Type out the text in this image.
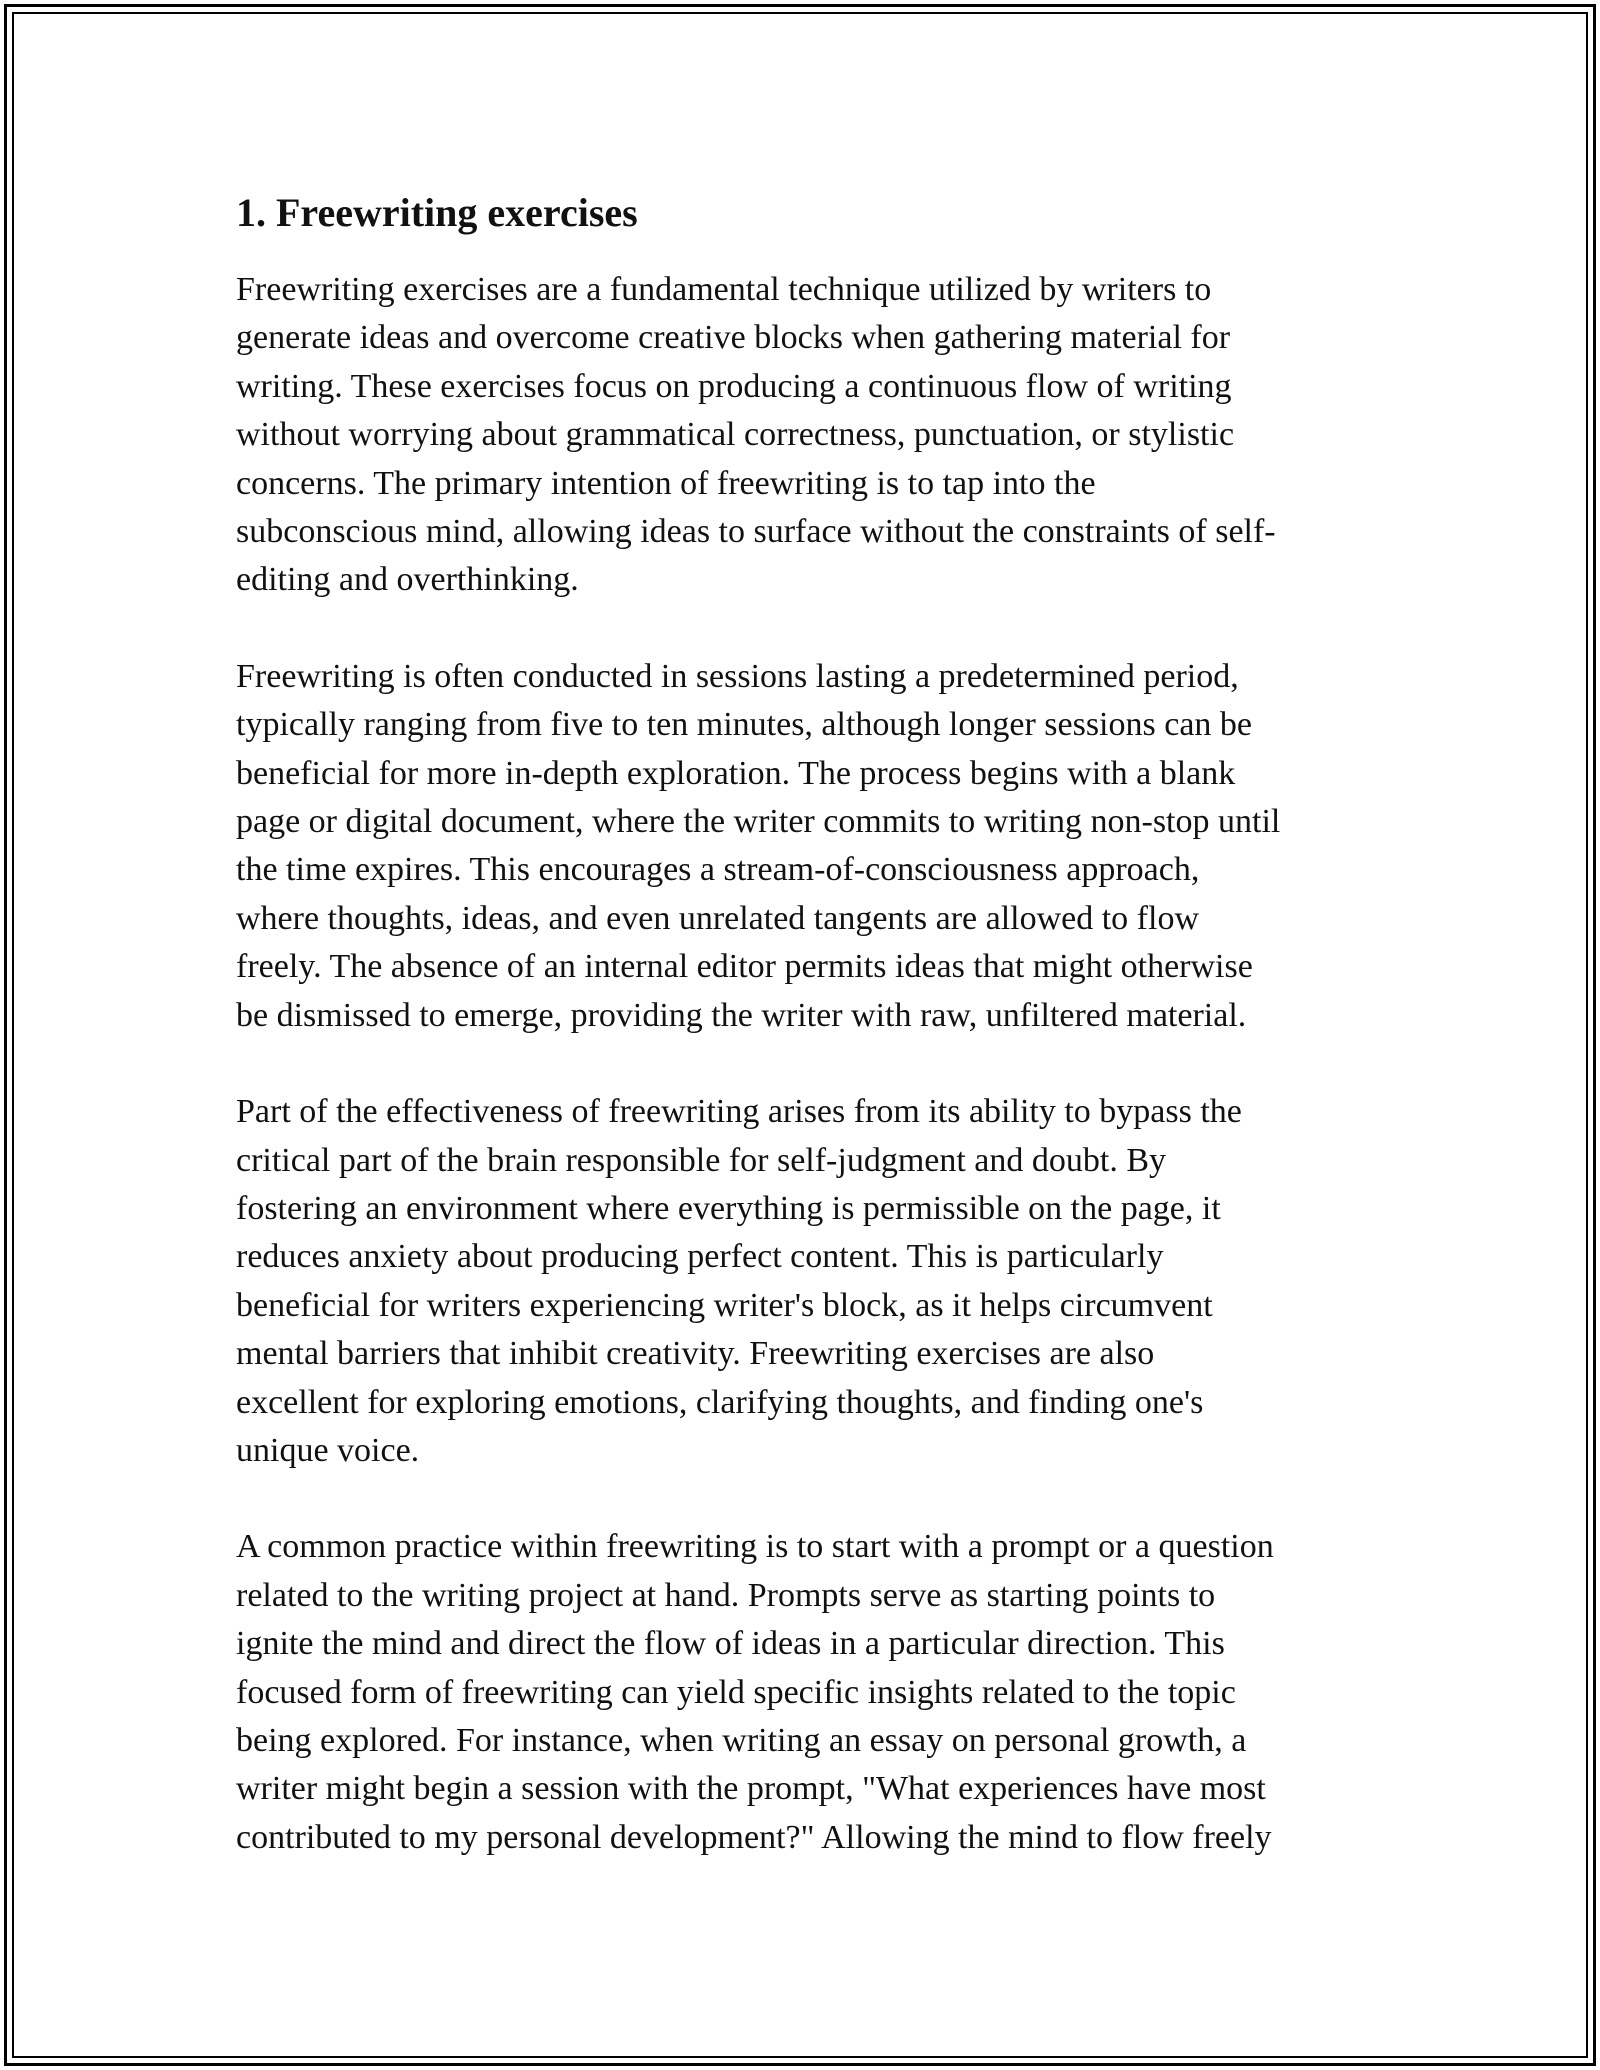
1. Freewriting exercises

Freewriting exercises are a fundamental technique utilized by writers to
generate ideas and overcome creative blocks when gathering material for
writing. These exercises focus on producing a continuous flow of writing
without worrying about grammatical correctness, punctuation, or stylistic
concerns. The primary intention of freewriting is to tap into the
subconscious mind, allowing ideas to surface without the constraints of self-
editing and overthinking.

Freewriting is often conducted in sessions lasting a predetermined period,
typically ranging from five to ten minutes, although longer sessions can be
beneficial for more in-depth exploration. The process begins with a blank
page or digital document, where the writer commits to writing non-stop until
the time expires. This encourages a stream-of-consciousness approach,
where thoughts, ideas, and even unrelated tangents are allowed to flow
freely. The absence of an internal editor permits ideas that might otherwise
be dismissed to emerge, providing the writer with raw, unfiltered material.

Part of the effectiveness of freewriting arises from its ability to bypass the
critical part of the brain responsible for self-judgment and doubt. By
fostering an environment where everything is permissible on the page, it
reduces anxiety about producing perfect content. This is particularly
beneficial for writers experiencing writer's block, as it helps circumvent
mental barriers that inhibit creativity. Freewriting exercises are also
excellent for exploring emotions, clarifying thoughts, and finding one's
unique voice.

A common practice within freewriting is to start with a prompt or a question
related to the writing project at hand. Prompts serve as starting points to
ignite the mind and direct the flow of ideas in a particular direction. This
focused form of freewriting can yield specific insights related to the topic
being explored. For instance, when writing an essay on personal growth, a
writer might begin a session with the prompt, "What experiences have most
contributed to my personal development?" Allowing the mind to flow freely
